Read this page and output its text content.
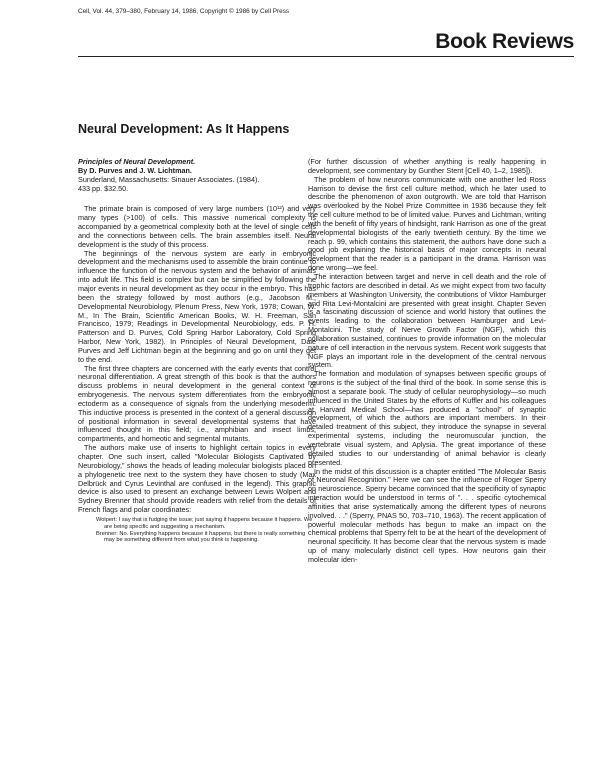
Cell, Vol. 44, 379–380, February 14, 1986, Copyright © 1986 by Cell Press
Book Reviews
Neural Development: As It Happens
Principles of Neural Development.
By D. Purves and J. W. Lichtman.
Sunderland, Massachusetts: Sinauer Associates. (1984).
433 pp. $32.50.

The primate brain is composed of very large numbers (10¹²) and very many types (>100) of cells. This massive numerical complexity is accompanied by a geometrical complexity both at the level of single cells and the connections between cells. The brain assembles itself. Neural development is the study of this process.

The beginnings of the nervous system are early in embryonic development and the mechanisms used to assemble the brain continue to influence the function of the nervous system and the behavior of animals into adult life. This field is complex but can be simplified by following the major events in neural development as they occur in the embryo. This has been the strategy followed by most authors (e.g., Jacobson M., Developmental Neurobiology, Plenum Press, New York, 1978; Cowan, W. M., In The Brain, Scientific American Books, W. H. Freeman, San Francisco, 1979; Readings in Developmental Neurobiology, eds. P. H. Patterson and D. Purves, Cold Spring Harbor Laboratory, Cold Spring Harbor, New York, 1982). In Principles of Neural Development, Dale Purves and Jeff Lichtman begin at the beginning and go on until they get to the end.

The first three chapters are concerned with the early events that control neuronal differentiation. A great strength of this book is that the authors discuss problems in neural development in the general context of embryogenesis. The nervous system differentiates from the embryonic ectoderm as a consequence of signals from the underlying mesoderm. This inductive process is presented in the context of a general discussion of positional information in several developmental systems that have influenced thought in this field; i.e., amphibian and insect limbs, compartments, and homeotic and segmental mutants.

The authors make use of inserts to highlight certain topics in every chapter. One such insert, called "Molecular Biologists Captivated by Neurobiology," shows the heads of leading molecular biologists placed on a phylogenetic tree next to the system they have chosen to study (Max Delbrück and Cyrus Levinthal are confused in the legend). This graphic device is also used to present an exchange between Lewis Wolpert and Sydney Brenner that should provide readers with relief from the details of French flags and polar coordinates:

Wolpert: I say that is fudging the issue; just saying it happens because it happens. We are being specific and suggesting a mechanism.

Brenner: No. Everything happens because it happens, but there is really something may be something different from what you think is happening.

(For further discussion of whether anything is really happening in development, see commentary by Gunther Stent [Cell 40, 1–2, 1985]).

The problem of how neurons communicate with one another led Ross Harrison to devise the first cell culture method, which he later used to describe the phenomenon of axon outgrowth. We are told that Harrison was overlooked by the Nobel Prize Committee in 1936 because they felt the cell culture method to be of limited value. Purves and Lichtman, writing with the benefit of fifty years of hindsight, rank Harrison as one of the great developmental biologists of the early twentieth century. By the time we reach p. 99, which contains this statement, the authors have done such a good job explaining the historical basis of major concepts in neural development that the reader is a participant in the drama. Harrison was done wrong—we feel.

The interaction between target and nerve in cell death and the role of trophic factors are described in detail. As we might expect from two faculty members at Washington University, the contributions of Viktor Hamburger and Rita Levi-Montalcini are presented with great insight. Chapter Seven is a fascinating discussion of science and world history that outlines the events leading to the collaboration between Hamburger and Levi-Montalcini. The study of Nerve Growth Factor (NGF), which this collaboration sustained, continues to provide information on the molecular nature of cell interaction in the nervous system. Recent work suggests that NGF plays an important role in the development of the central nervous system.

The formation and modulation of synapses between specific groups of neurons is the subject of the final third of the book. In some sense this is almost a separate book. The study of cellular neurophysiology—so much influenced in the United States by the efforts of Kuffler and his colleagues at Harvard Medical School—has produced a "school" of synaptic development, of which the authors are important members. In their detailed treatment of this subject, they introduce the synapse in several experimental systems, including the neuromuscular junction, the vertebrate visual system, and Aplysia. The great importance of these detailed studies to our understanding of animal behavior is clearly presented.

In the midst of this discussion is a chapter entitled "The Molecular Basis of Neuronal Recognition." Here we can see the influence of Roger Sperry on neuroscience. Sperry became convinced that the specificity of synaptic interaction would be understood in terms of ". . . specific cytochemical affinities that arise systematically among the different types of neurons involved. . ." (Sperry, PNAS 50, 703–710, 1963). The recent application of powerful molecular methods has begun to make an impact on the chemical problems that Sperry felt to be at the heart of the development of neuronal specificity. It has become clear that the nervous system is made up of many molecularly distinct cell types. How neurons gain their molecular iden-
